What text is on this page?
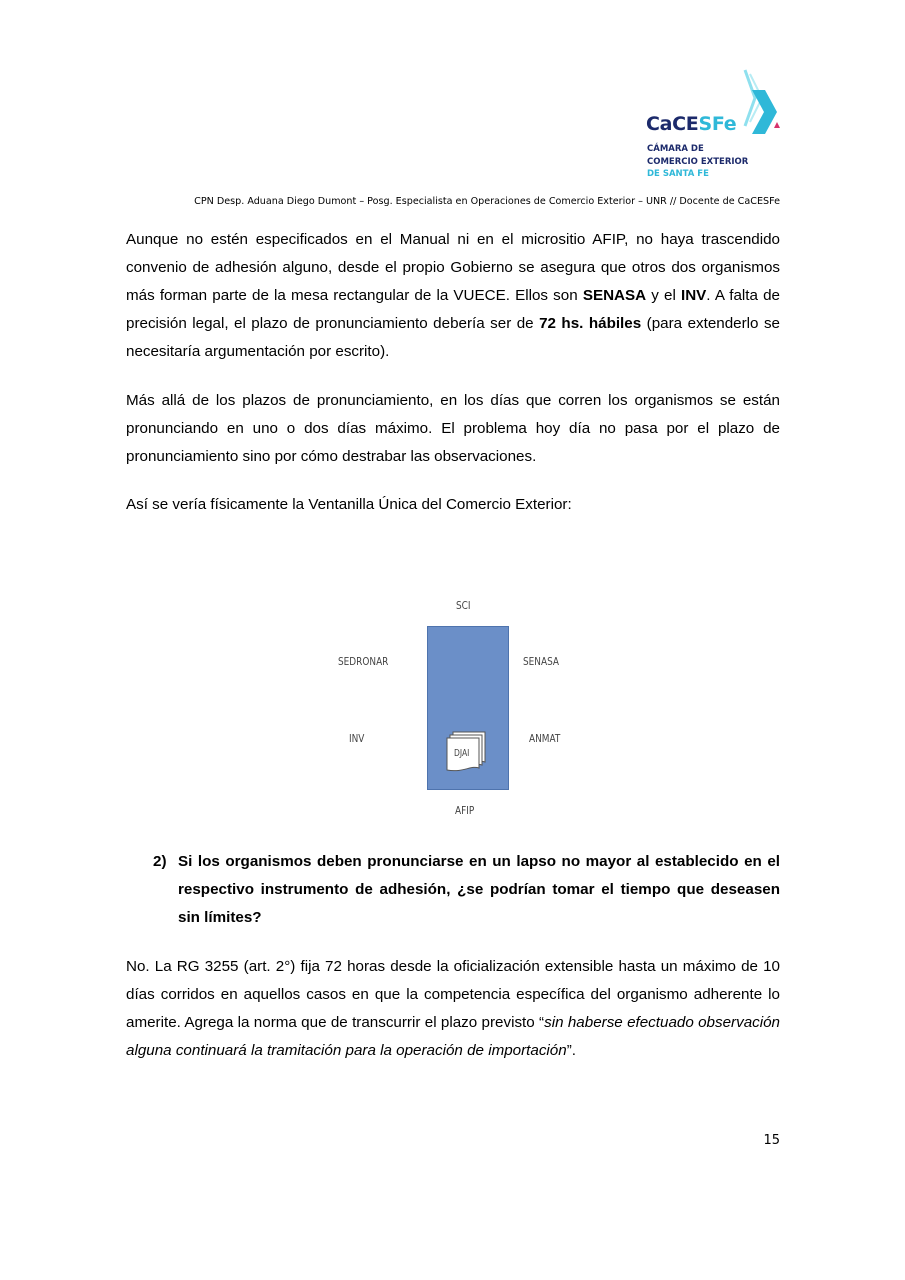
CaCESFe
CÁMARA DE
COMERCIO EXTERIOR
DE SANTA FE
CPN Desp. Aduana Diego Dumont – Posg. Especialista en Operaciones de Comercio Exterior – UNR // Docente de CaCESFe

Aunque no estén especificados en el Manual ni en el micrositio AFIP, no haya trascendido convenio de adhesión alguno, desde el propio Gobierno se asegura que otros dos organismos más forman parte de la mesa rectangular de la VUECE. Ellos son SENASA y el INV. A falta de precisión legal, el plazo de pronunciamiento debería ser de 72 hs. hábiles (para extenderlo se necesitaría argumentación por escrito).

Más allá de los plazos de pronunciamiento, en los días que corren los organismos se están pronunciando en uno o dos días máximo. El problema hoy día no pasa por el plazo de pronunciamiento sino por cómo destrabar las observaciones.

Así se vería físicamente la Ventanilla Única del Comercio Exterior:

SCI
SEDRONAR	SENASA
INV	ANMAT
DJAI
AFIP
2) Si los organismos deben pronunciarse en un lapso no mayor al establecido en el respectivo instrumento de adhesión, ¿se podrían tomar el tiempo que deseasen sin límites?

No. La RG 3255 (art. 2°) fija 72 horas desde la oficialización extensible hasta un máximo de 10 días corridos en aquellos casos en que la competencia específica del organismo adherente lo amerite. Agrega la norma que de transcurrir el plazo previsto “sin haberse efectuado observación alguna continuará la tramitación para la operación de importación”.

15
